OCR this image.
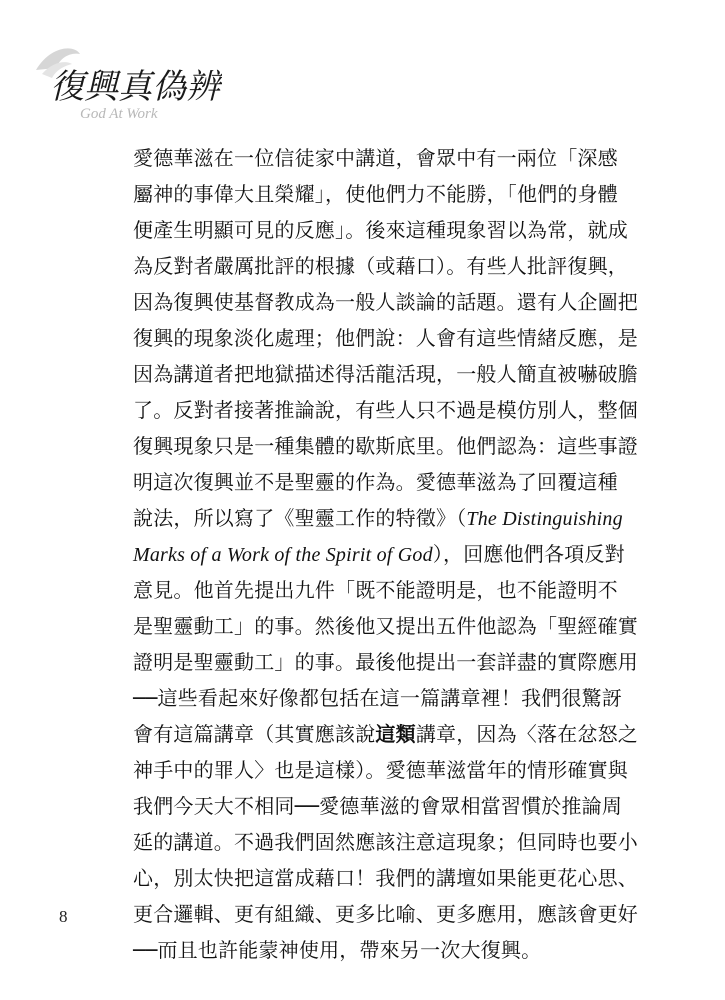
復興真偽辨
God At Work
愛德華滋在一位信徒家中講道，會眾中有一兩位「深感
屬神的事偉大且榮耀」，使他們力不能勝，「他們的身體
便產生明顯可見的反應」。後來這種現象習以為常，就成
為反對者嚴厲批評的根據（或藉口）。有些人批評復興，
因為復興使基督教成為一般人談論的話題。還有人企圖把
復興的現象淡化處理；他們說：人會有這些情緒反應，是
因為講道者把地獄描述得活龍活現，一般人簡直被嚇破膽
了。反對者接著推論說，有些人只不過是模仿別人，整個
復興現象只是一種集體的歇斯底里。他們認為：這些事證
明這次復興並不是聖靈的作為。愛德華滋為了回覆這種
說法，所以寫了《聖靈工作的特徵》（The Distinguishing
Marks of a Work of the Spirit of God），回應他們各項反對
意見。他首先提出九件「既不能證明是，也不能證明不
是聖靈動工」的事。然後他又提出五件他認為「聖經確實
證明是聖靈動工」的事。最後他提出一套詳盡的實際應用
──這些看起來好像都包括在這一篇講章裡！我們很驚訝
會有這篇講章（其實應該說這類講章，因為〈落在忿怒之
神手中的罪人〉也是這樣）。愛德華滋當年的情形確實與
我們今天大不相同──愛德華滋的會眾相當習慣於推論周
延的講道。不過我們固然應該注意這現象；但同時也要小
心，別太快把這當成藉口！我們的講壇如果能更花心思、
更合邏輯、更有組織、更多比喻、更多應用，應該會更好
──而且也許能蒙神使用，帶來另一次大復興。
8
